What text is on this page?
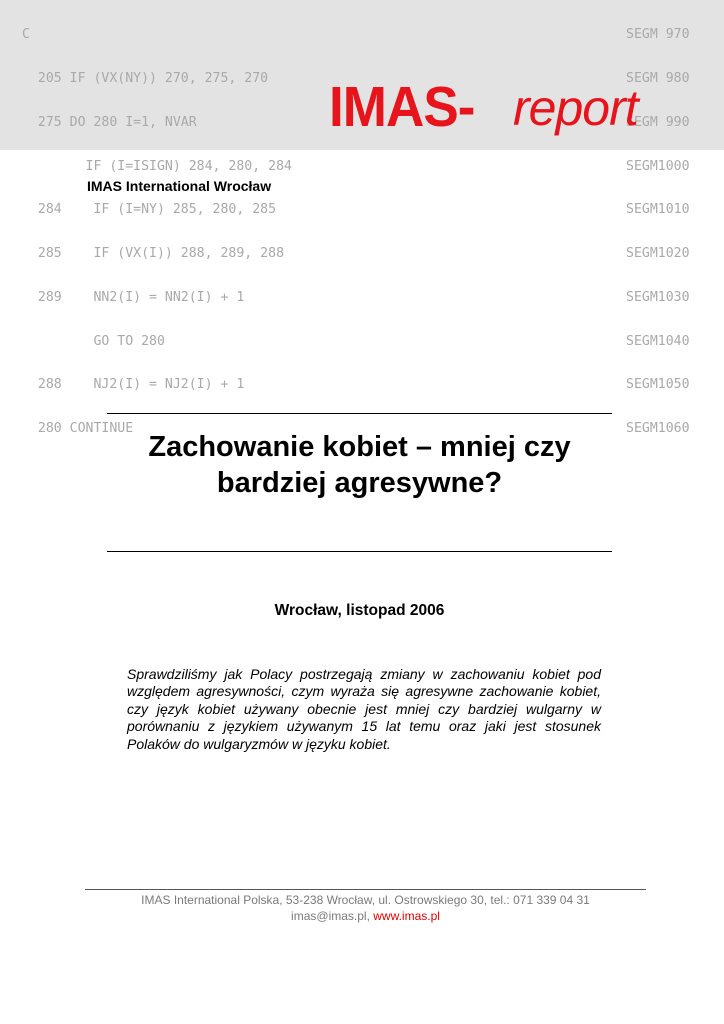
C

205 IF (VX(NY)) 270, 275, 270

275 DO 280 I=1, NVAR

IF (I=ISIGN) 284, 280, 284

284    IF (I=NY) 285, 280, 285

285    IF (VX(I)) 288, 289, 288

289    NN2(I) = NN2(I) + 1

GO TO 280

288    NJ2(I) = NJ2(I) + 1

280 CONTINUE

SEGM 970

SEGM 980

SEGM 990

SEGM1000

SEGM1010

SEGM1020

SEGM1030

SEGM1040

SEGM1050

SEGM1060

IMAS- report
IMAS International Wrocław
Zachowanie kobiet – mniej czy
bardziej agresywne?
Wrocław, listopad 2006
Sprawdziliśmy jak Polacy postrzegają zmiany w zachowaniu kobiet pod względem agresywności, czym wyraża się agresywne zachowanie kobiet, czy język kobiet używany obecnie jest mniej czy bardziej wulgarny w porównaniu z językiem używanym 15 lat temu oraz jaki jest stosunek Polaków do wulgaryzmów w języku kobiet.
IMAS International Polska, 53-238 Wrocław, ul. Ostrowskiego 30, tel.: 071 339 04 31
imas@imas.pl, www.imas.pl
